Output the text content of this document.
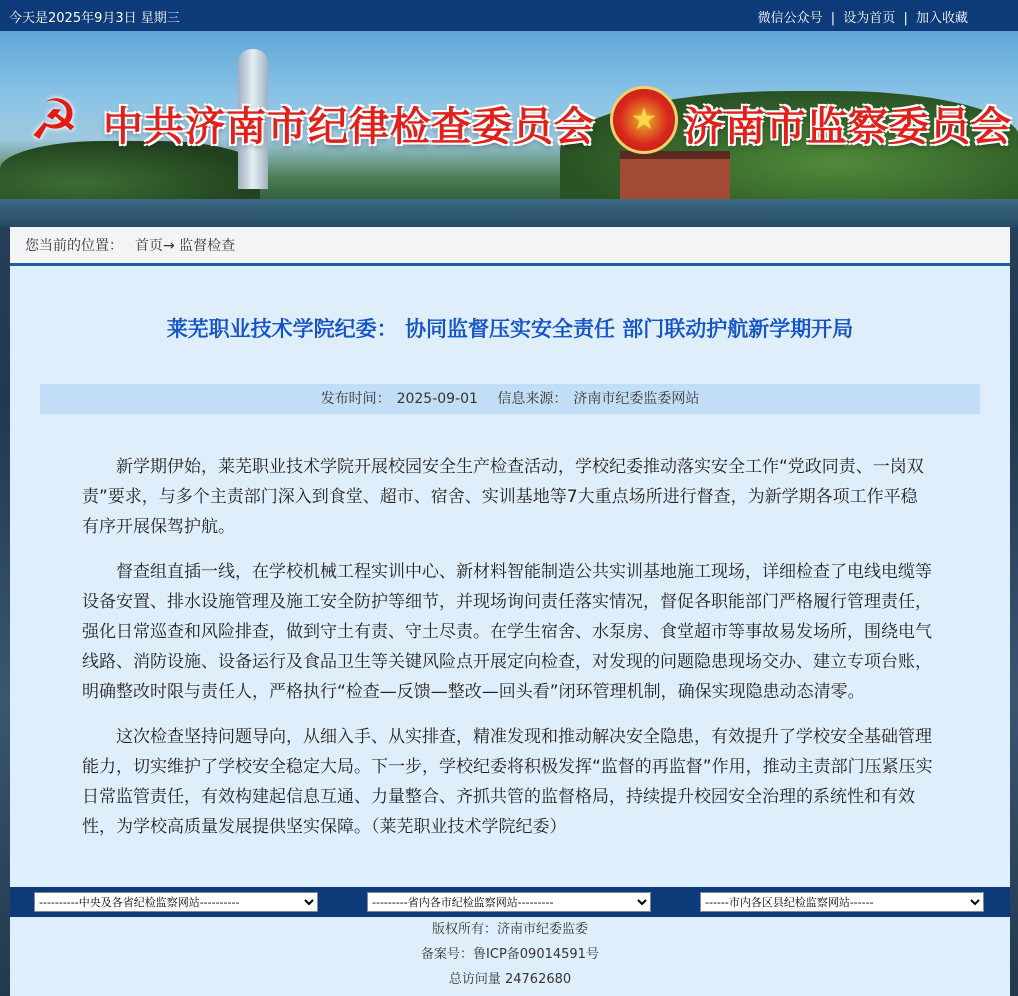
今天是2025年9月3日 星期三	微信公众号 | 设为首页 | 加入收藏
☭ 中共济南市纪律检查委员会	★ 济南市监察委员会
您当前的位置： 首页→ 监督检查
莱芜职业技术学院纪委： 协同监督压实安全责任 部门联动护航新学期开局
发布时间： 2025-09-01 信息来源： 济南市纪委监委网站

新学期伊始，莱芜职业技术学院开展校园安全生产检查活动，学校纪委推动落实安全工作“党政同责、一岗双责”要求，与多个主责部门深入到食堂、超市、宿舍、实训基地等7大重点场所进行督查，为新学期各项工作平稳有序开展保驾护航。

督查组直插一线，在学校机械工程实训中心、新材料智能制造公共实训基地施工现场，详细检查了电线电缆等设备安置、排水设施管理及施工安全防护等细节，并现场询问责任落实情况，督促各职能部门严格履行管理责任，强化日常巡查和风险排查，做到守土有责、守土尽责。在学生宿舍、水泵房、食堂超市等事故易发场所，围绕电气线路、消防设施、设备运行及食品卫生等关键风险点开展定向检查，对发现的问题隐患现场交办、建立专项台账，明确整改时限与责任人，严格执行“检查—反馈—整改—回头看”闭环管理机制，确保实现隐患动态清零。

这次检查坚持问题导向，从细入手、从实排查，精准发现和推动解决安全隐患，有效提升了学校安全基础管理能力，切实维护了学校安全稳定大局。下一步，学校纪委将积极发挥“监督的再监督”作用，推动主责部门压紧压实日常监管责任，有效构建起信息互通、力量整合、齐抓共管的监督格局，持续提升校园安全治理的系统性和有效性，为学校高质量发展提供坚实保障。（莱芜职业技术学院纪委）

----------中央及各省纪检监察网站----------
---------省内各市纪检监察网站---------
------市内各区县纪检监察网站------
版权所有：济南市纪委监委
备案号：鲁ICP备09014591号
总访问量 24762680
